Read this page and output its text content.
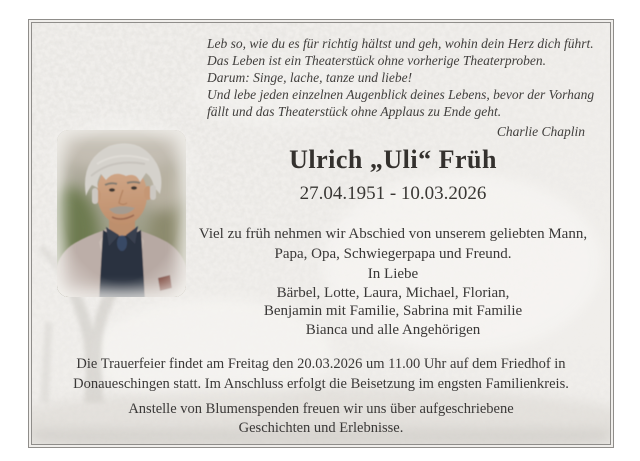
Leb so, wie du es für richtig hältst und geh, wohin dein Herz dich führt.
Das Leben ist ein Theaterstück ohne vorherige Theaterproben.
Darum: Singe, lache, tanze und liebe!
Und lebe jeden einzelnen Augenblick deines Lebens, bevor der Vorhang
fällt und das Theaterstück ohne Applaus zu Ende geht.
Charlie Chaplin
Ulrich „Uli“ Früh
27.04.1951 - 10.03.2026
Viel zu früh nehmen wir Abschied von unserem geliebten Mann,
Papa, Opa, Schwiegerpapa und Freund.
In Liebe
Bärbel, Lotte, Laura, Michael, Florian,
Benjamin mit Familie, Sabrina mit Familie
Bianca und alle Angehörigen
Die Trauerfeier findet am Freitag den 20.03.2026 um 11.00 Uhr auf dem Friedhof in
Donaueschingen statt. Im Anschluss erfolgt die Beisetzung im engsten Familienkreis.
Anstelle von Blumenspenden freuen wir uns über aufgeschriebene
Geschichten und Erlebnisse.
